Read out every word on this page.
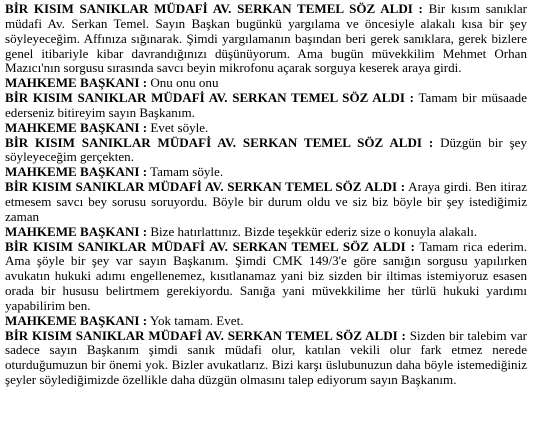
BİR KISIM SANIKLAR MÜDAFİ AV. SERKAN TEMEL SÖZ ALDI : Bir kısım sanıklar müdafi Av. Serkan Temel. Sayın Başkan bugünkü yargılama ve öncesiyle alakalı kısa bir şey söyleyeceğim. Affınıza sığınarak. Şimdi yargılamanın başından beri gerek sanıklara, gerek bizlere genel itibariyle kibar davrandığınızı düşünüyorum. Ama bugün müvekkilim Mehmet Orhan Mazıcı'nın sorgusu sırasında savcı beyin mikrofonu açarak sorguya keserek araya girdi.

MAHKEME BAŞKANI : Onu onu onu

BİR KISIM SANIKLAR MÜDAFİ AV. SERKAN TEMEL SÖZ ALDI : Tamam bir müsaade ederseniz bitireyim sayın Başkanım.

MAHKEME BAŞKANI : Evet söyle.

BİR KISIM SANIKLAR MÜDAFİ AV. SERKAN TEMEL SÖZ ALDI : Düzgün bir şey söyleyeceğim gerçekten.

MAHKEME BAŞKANI : Tamam söyle.

BİR KISIM SANIKLAR MÜDAFİ AV. SERKAN TEMEL SÖZ ALDI : Araya girdi. Ben itiraz etmesem savcı bey sorusu soruyordu. Böyle bir durum oldu ve siz biz böyle bir şey istediğimiz zaman

MAHKEME BAŞKANI : Bize hatırlattınız. Bizde teşekkür ederiz size o konuyla alakalı.

BİR KISIM SANIKLAR MÜDAFİ AV. SERKAN TEMEL SÖZ ALDI : Tamam rica ederim. Ama şöyle bir şey var sayın Başkanım. Şimdi CMK 149/3'e göre sanığın sorgusu yapılırken avukatın hukuki adımı engellenemez, kısıtlanamaz yani biz sizden bir iltimas istemiyoruz esasen orada bir hususu belirtmem gerekiyordu. Sanığa yani müvekkilime her türlü hukuki yardımı yapabilirim ben.

MAHKEME BAŞKANI : Yok tamam. Evet.

BİR KISIM SANIKLAR MÜDAFİ AV. SERKAN TEMEL SÖZ ALDI : Sizden bir talebim var sadece sayın Başkanım şimdi sanık müdafi olur, katılan vekili olur fark etmez nerede oturduğumuzun bir önemi yok. Bizler avukatlarız. Bizi karşı üslubunuzun daha böyle istemediğiniz şeyler söylediğimizde özellikle daha düzgün olmasını talep ediyorum sayın Başkanım.
